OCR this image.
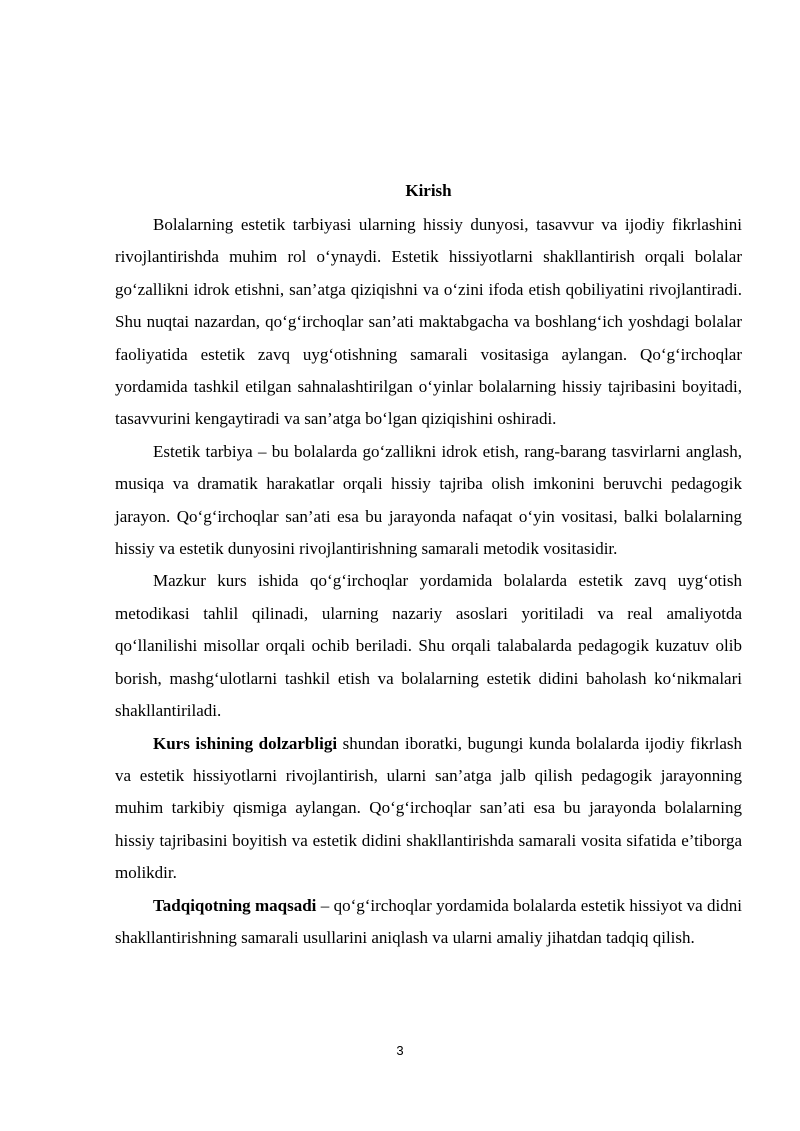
Kirish

Bolalarning estetik tarbiyasi ularning hissiy dunyosi, tasavvur va ijodiy fikrlashini rivojlantirishda muhim rol o‘ynaydi. Estetik hissiyotlarni shakllantirish orqali bolalar go‘zallikni idrok etishni, san’atga qiziqishni va o‘zini ifoda etish qobiliyatini rivojlantiradi. Shu nuqtai nazardan, qo‘g‘irchoqlar san’ati maktabgacha va boshlang‘ich yoshdagi bolalar faoliyatida estetik zavq uyg‘otishning samarali vositasiga aylangan. Qo‘g‘irchoqlar yordamida tashkil etilgan sahnalashtirilgan o‘yinlar bolalarning hissiy tajribasini boyitadi, tasavvurini kengaytiradi va san’atga bo‘lgan qiziqishini oshiradi.

Estetik tarbiya – bu bolalarda go‘zallikni idrok etish, rang-barang tasvirlarni anglash, musiqa va dramatik harakatlar orqali hissiy tajriba olish imkonini beruvchi pedagogik jarayon. Qo‘g‘irchoqlar san’ati esa bu jarayonda nafaqat o‘yin vositasi, balki bolalarning hissiy va estetik dunyosini rivojlantirishning samarali metodik vositasidir.

Mazkur kurs ishida qo‘g‘irchoqlar yordamida bolalarda estetik zavq uyg‘otish metodikasi tahlil qilinadi, ularning nazariy asoslari yoritiladi va real amaliyotda qo‘llanilishi misollar orqali ochib beriladi. Shu orqali talabalarda pedagogik kuzatuv olib borish, mashg‘ulotlarni tashkil etish va bolalarning estetik didini baholash ko‘nikmalari shakllantiriladi.

Kurs ishining dolzarbligi shundan iboratki, bugungi kunda bolalarda ijodiy fikrlash va estetik hissiyotlarni rivojlantirish, ularni san’atga jalb qilish pedagogik jarayonning muhim tarkibiy qismiga aylangan. Qo‘g‘irchoqlar san’ati esa bu jarayonda bolalarning hissiy tajribasini boyitish va estetik didini shakllantirishda samarali vosita sifatida e’tiborga molikdir.

Tadqiqotning maqsadi – qo‘g‘irchoqlar yordamida bolalarda estetik hissiyot va didni shakllantirishning samarali usullarini aniqlash va ularni amaliy jihatdan tadqiq qilish.

3
